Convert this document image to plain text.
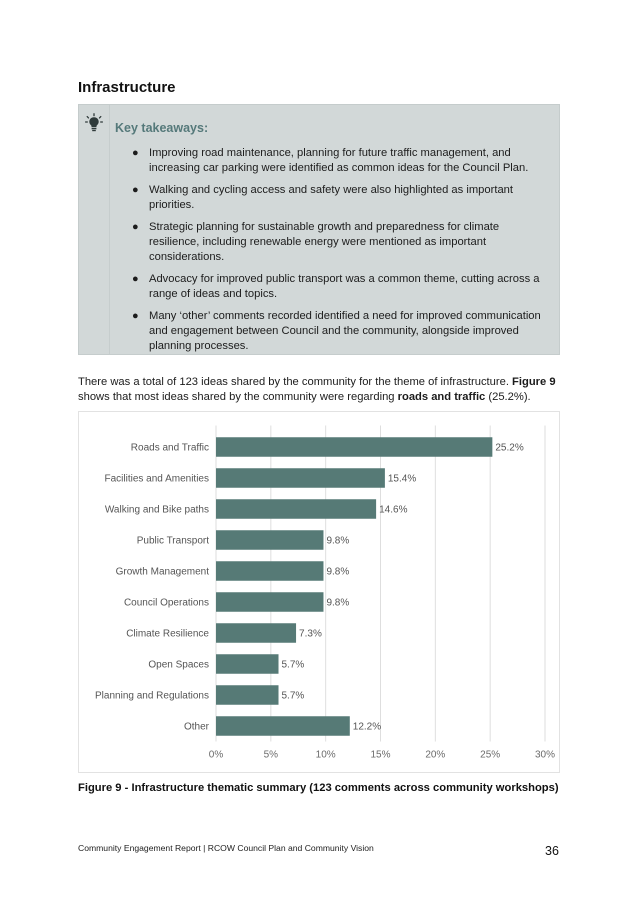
Infrastructure
Key takeaways:
● Improving road maintenance, planning for future traffic management, and increasing car parking were identified as common ideas for the Council Plan.
● Walking and cycling access and safety were also highlighted as important priorities.
● Strategic planning for sustainable growth and preparedness for climate resilience, including renewable energy were mentioned as important considerations.
● Advocacy for improved public transport was a common theme, cutting across a range of ideas and topics.
● Many ‘other’ comments recorded identified a need for improved communication and engagement between Council and the community, alongside improved planning processes.

There was a total of 123 ideas shared by the community for the theme of infrastructure. Figure 9 shows that most ideas shared by the community were regarding roads and traffic (25.2%).

0%	5%	10%	15%	20%	25%	30%
Roads and Traffic	25.2%
Facilities and Amenities	15.4%
Walking and Bike paths	14.6%
Public Transport	9.8%
Growth Management	9.8%
Council Operations	9.8%
Climate Resilience	7.3%
Open Spaces	5.7%
Planning and Regulations	5.7%
Other	12.2%
Figure 9 - Infrastructure thematic summary (123 comments across community workshops)
Community Engagement Report | RCOW Council Plan and Community Vision	36
